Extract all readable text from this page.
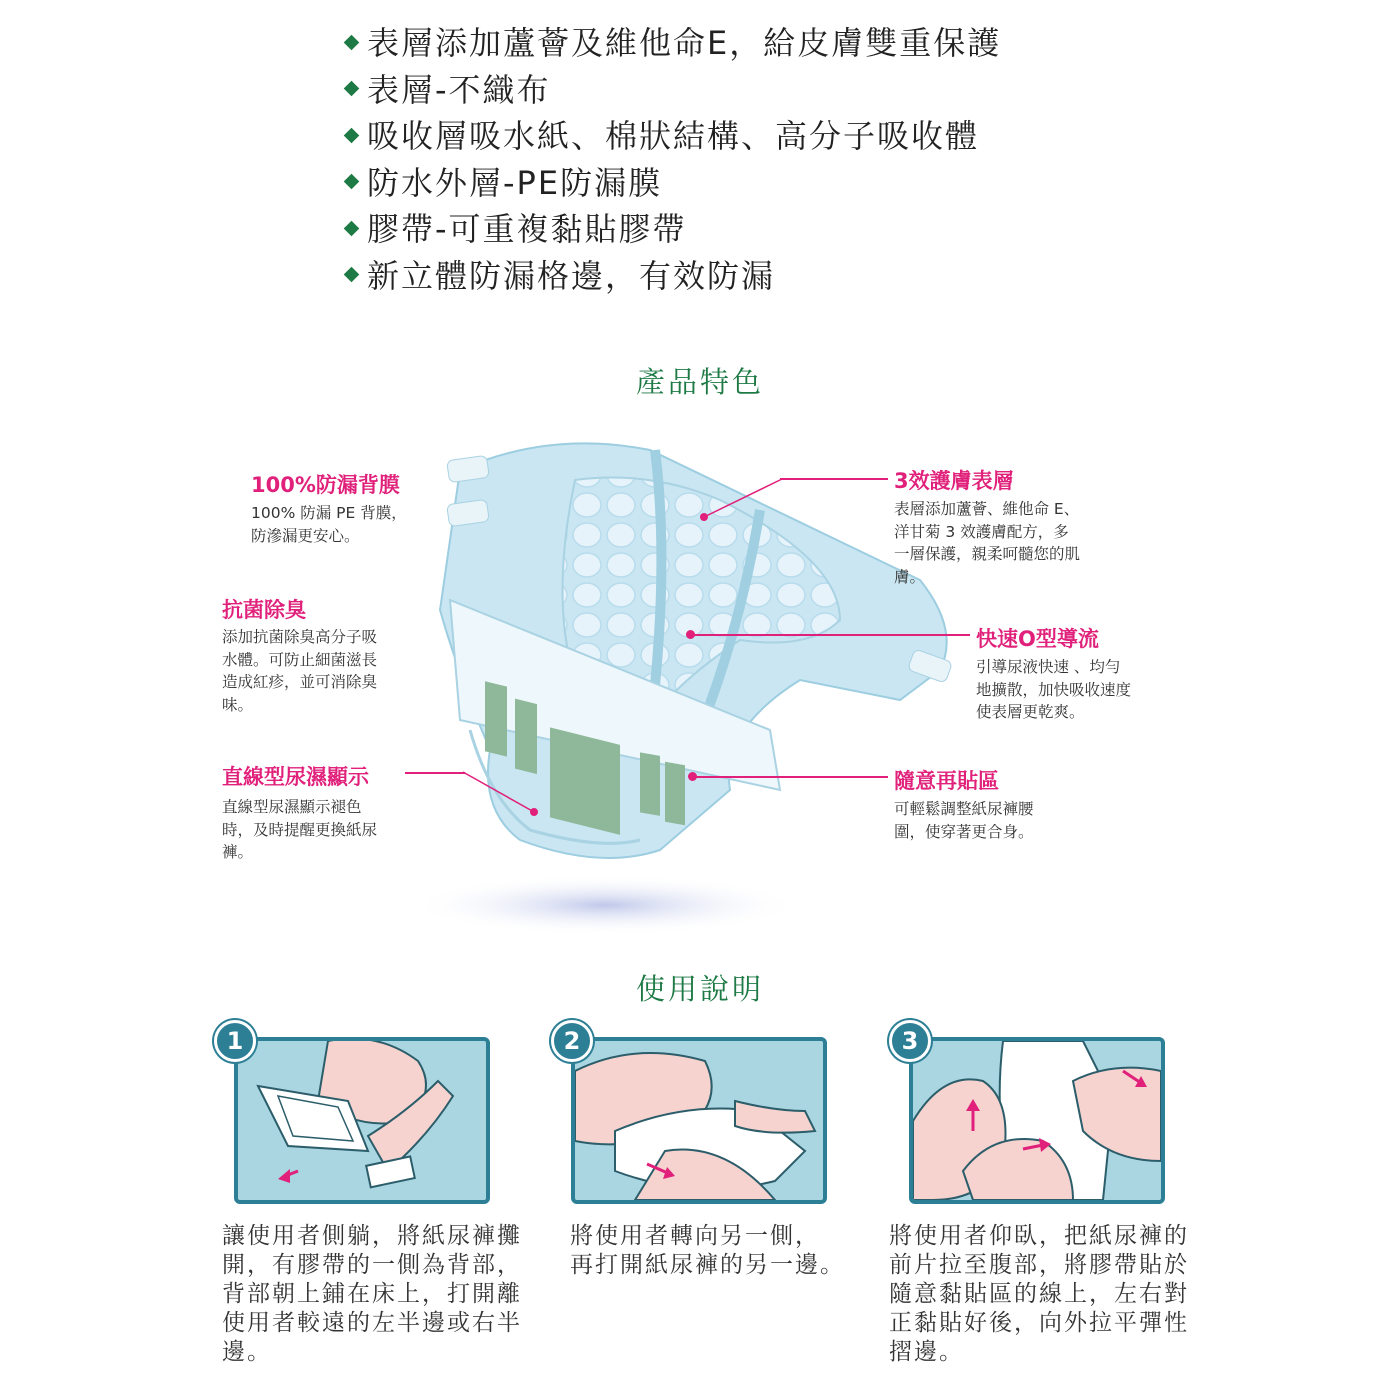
表層添加蘆薈及維他命E，給皮膚雙重保護
表層-不織布
吸收層吸水紙、棉狀結構、高分子吸收體
防水外層-PE防漏膜
膠帶-可重複黏貼膠帶
新立體防漏格邊，有效防漏
產品特色
100%防漏背膜
100% 防漏 PE 背膜，
防滲漏更安心。
抗菌除臭
添加抗菌除臭高分子吸
水體。可防止細菌滋長
造成紅疹，並可消除臭
味。
直線型尿濕顯示
直線型尿濕顯示褪色
時，及時提醒更換紙尿
褲。
3效護膚表層
表層添加蘆薈、維他命 E、
洋甘菊 3 效護膚配方，多
一層保護，親柔呵髓您的肌
膚。
快速O型導流
引導尿液快速 、均勻
地擴散，加快吸收速度
使表層更乾爽。
隨意再貼區
可輕鬆調整紙尿褲腰
圍，使穿著更合身。
使用說明
1
讓使用者側躺，將紙尿褲攤
開，有膠帶的一側為背部，
背部朝上鋪在床上，打開離
使用者較遠的左半邊或右半
邊。
2
將使用者轉向另一側，
再打開紙尿褲的另一邊。
3
將使用者仰臥，把紙尿褲的
前片拉至腹部，將膠帶貼於
隨意黏貼區的線上，左右對
正黏貼好後，向外拉平彈性
摺邊。
